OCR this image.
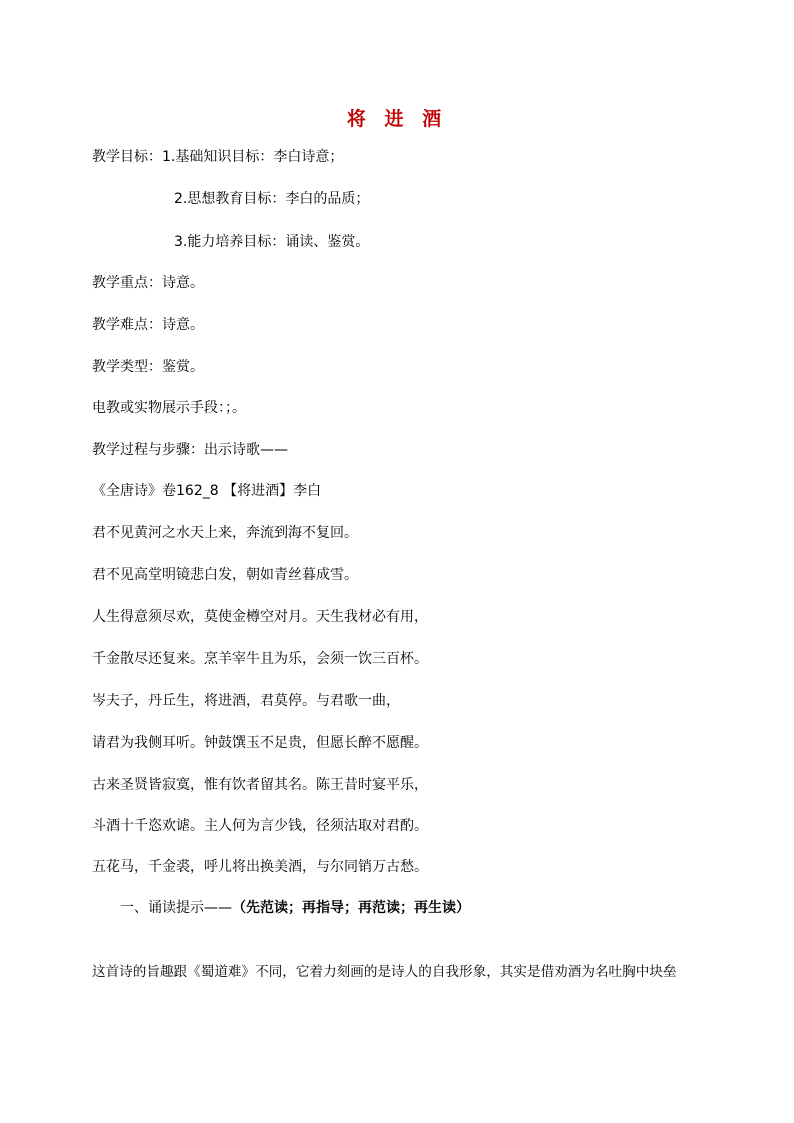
将 进 酒
教学目标：1.基础知识目标：李白诗意；
2.思想教育目标：李白的品质；
3.能力培养目标：诵读、鉴赏。
教学重点：诗意。
教学难点：诗意。
教学类型：鉴赏。
电教或实物展示手段：；。
教学过程与步骤：出示诗歌——
《全唐诗》卷162_8 【将进酒】李白
君不见黄河之水天上来，奔流到海不复回。
君不见高堂明镜悲白发，朝如青丝暮成雪。
人生得意须尽欢，莫使金樽空对月。天生我材必有用，
千金散尽还复来。烹羊宰牛且为乐，会须一饮三百杯。
岑夫子，丹丘生，将进酒，君莫停。与君歌一曲，
请君为我侧耳听。钟鼓馔玉不足贵，但愿长醉不愿醒。
古来圣贤皆寂寞，惟有饮者留其名。陈王昔时宴平乐，
斗酒十千恣欢谑。主人何为言少钱，径须沽取对君酌。
五花马，千金裘，呼儿将出换美酒，与尔同销万古愁。
一、诵读提示——（先范读；再指导；再范读；再生读）
这首诗的旨趣跟《蜀道难》不同，它着力刻画的是诗人的自我形象，其实是借劝酒为名吐胸中块垒
